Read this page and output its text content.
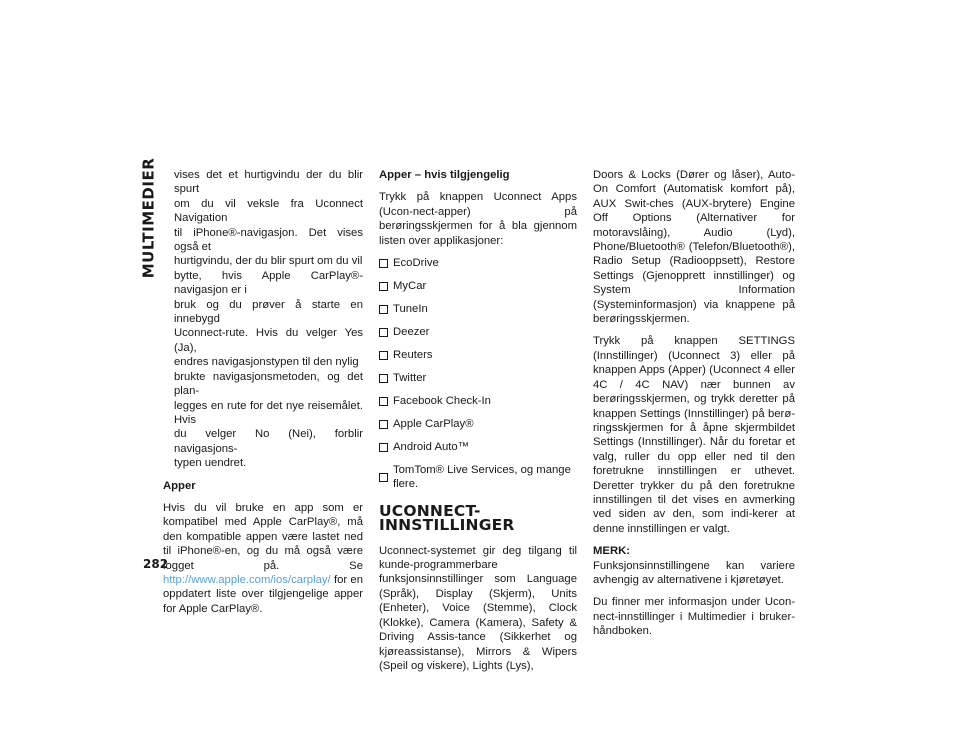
MULTIMEDIER
282
vises det et hurtigvindu der du blir spurt
om du vil veksle fra Uconnect Navigation
til iPhone®-navigasjon. Det vises også et
hurtigvindu, der du blir spurt om du vil
bytte, hvis Apple CarPlay®-navigasjon er i
bruk og du prøver å starte en innebygd
Uconnect-rute. Hvis du velger Yes (Ja),
endres navigasjonstypen til den nylig
brukte navigasjonsmetoden, og det plan-
legges en rute for det nye reisemålet. Hvis
du velger No (Nei), forblir navigasjons-
typen uendret.
Apper

Hvis du vil bruke en app som er kompatibel med Apple CarPlay®, må den kompatible appen være lastet ned til iPhone®-en, og du må også være logget på. Se http://www.apple.com/ios/carplay/ for en oppdatert liste over tilgjengelige apper for Apple CarPlay®.

Apper – hvis tilgjengelig

Trykk på knappen Uconnect Apps (Ucon-nect-apper) på berøringsskjermen for å bla gjennom listen over applikasjoner:

EcoDrive
MyCar
TuneIn
Deezer
Reuters
Twitter
Facebook Check-In
Apple CarPlay®
Android Auto™
TomTom® Live Services, og mange flere.
UCONNECT-INNSTILLINGER

Uconnect-systemet gir deg tilgang til kunde-programmerbare funksjonsinnstillinger som Language (Språk), Display (Skjerm), Units (Enheter), Voice (Stemme), Clock (Klokke), Camera (Kamera), Safety & Driving Assis-tance (Sikkerhet og kjøreassistanse), Mirrors & Wipers (Speil og viskere), Lights (Lys),

Doors & Locks (Dører og låser), Auto-On Comfort (Automatisk komfort på), AUX Swit-ches (AUX-brytere) Engine Off Options (Alternativer for motoravslåing), Audio (Lyd), Phone/Bluetooth® (Telefon/Bluetooth®), Radio Setup (Radiooppsett), Restore Settings (Gjenopprett innstillinger) og System Information (Systeminformasjon) via knappene på berøringsskjermen.

Trykk på knappen SETTINGS (Innstillinger) (Uconnect 3) eller på knappen Apps (Apper) (Uconnect 4 eller 4C / 4C NAV) nær bunnen av berøringsskjermen, og trykk deretter på knappen Settings (Innstillinger) på berø-ringsskjermen for å åpne skjermbildet Settings (Innstillinger). Når du foretar et valg, ruller du opp eller ned til den foretrukne innstillingen er uthevet. Deretter trykker du på den foretrukne innstillingen til det vises en avmerking ved siden av den, som indi-kerer at denne innstillingen er valgt.

MERK:

Funksjonsinnstillingene kan variere avhengig av alternativene i kjøretøyet.

Du finner mer informasjon under Ucon-nect-innstillinger i Multimedier i bruker-håndboken.
